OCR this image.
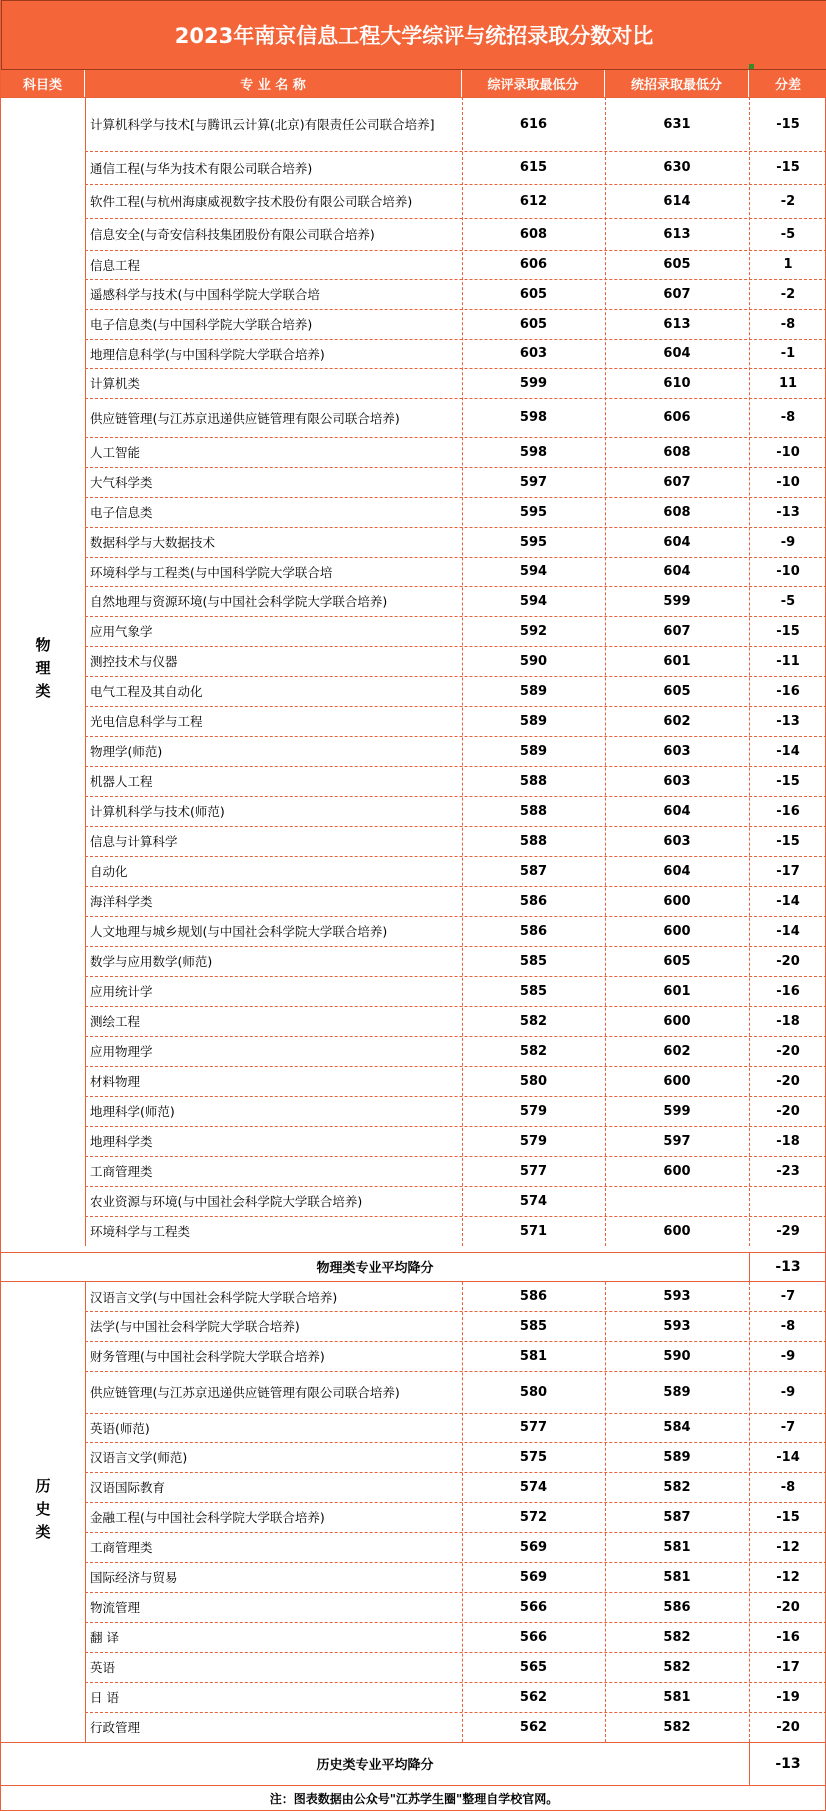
2023年南京信息工程大学综评与统招录取分数对比
科目类	专 业 名 称	综评录取最低分	统招录取最低分	分差
物理类
计算机科学与技术[与腾讯云计算(北京)有限责任公司联合培养]	616	631	-15
通信工程(与华为技术有限公司联合培养)	615	630	-15
软件工程(与杭州海康威视数字技术股份有限公司联合培养)	612	614	-2
信息安全(与奇安信科技集团股份有限公司联合培养)	608	613	-5
信息工程	606	605	1
遥感科学与技术(与中国科学院大学联合培	605	607	-2
电子信息类(与中国科学院大学联合培养)	605	613	-8
地理信息科学(与中国科学院大学联合培养)	603	604	-1
计算机类	599	610	11
供应链管理(与江苏京迅递供应链管理有限公司联合培养)	598	606	-8
人工智能	598	608	-10
大气科学类	597	607	-10
电子信息类	595	608	-13
数据科学与大数据技术	595	604	-9
环境科学与工程类(与中国科学院大学联合培	594	604	-10
自然地理与资源环境(与中国社会科学院大学联合培养)	594	599	-5
应用气象学	592	607	-15
测控技术与仪器	590	601	-11
电气工程及其自动化	589	605	-16
光电信息科学与工程	589	602	-13
物理学(师范)	589	603	-14
机器人工程	588	603	-15
计算机科学与技术(师范)	588	604	-16
信息与计算科学	588	603	-15
自动化	587	604	-17
海洋科学类	586	600	-14
人文地理与城乡规划(与中国社会科学院大学联合培养)	586	600	-14
数学与应用数学(师范)	585	605	-20
应用统计学	585	601	-16
测绘工程	582	600	-18
应用物理学	582	602	-20
材料物理	580	600	-20
地理科学(师范)	579	599	-20
地理科学类	579	597	-18
工商管理类	577	600	-23
农业资源与环境(与中国社会科学院大学联合培养)	574
环境科学与工程类	571	600	-29
物理类专业平均降分	-13
历史类
汉语言文学(与中国社会科学院大学联合培养)	586	593	-7
法学(与中国社会科学院大学联合培养)	585	593	-8
财务管理(与中国社会科学院大学联合培养)	581	590	-9
供应链管理(与江苏京迅递供应链管理有限公司联合培养)	580	589	-9
英语(师范)	577	584	-7
汉语言文学(师范)	575	589	-14
汉语国际教育	574	582	-8
金融工程(与中国社会科学院大学联合培养)	572	587	-15
工商管理类	569	581	-12
国际经济与贸易	569	581	-12
物流管理	566	586	-20
翻 译	566	582	-16
英语	565	582	-17
日 语	562	581	-19
行政管理	562	582	-20
历史类专业平均降分	-13
注：图表数据由公众号"江苏学生圈"整理自学校官网。
